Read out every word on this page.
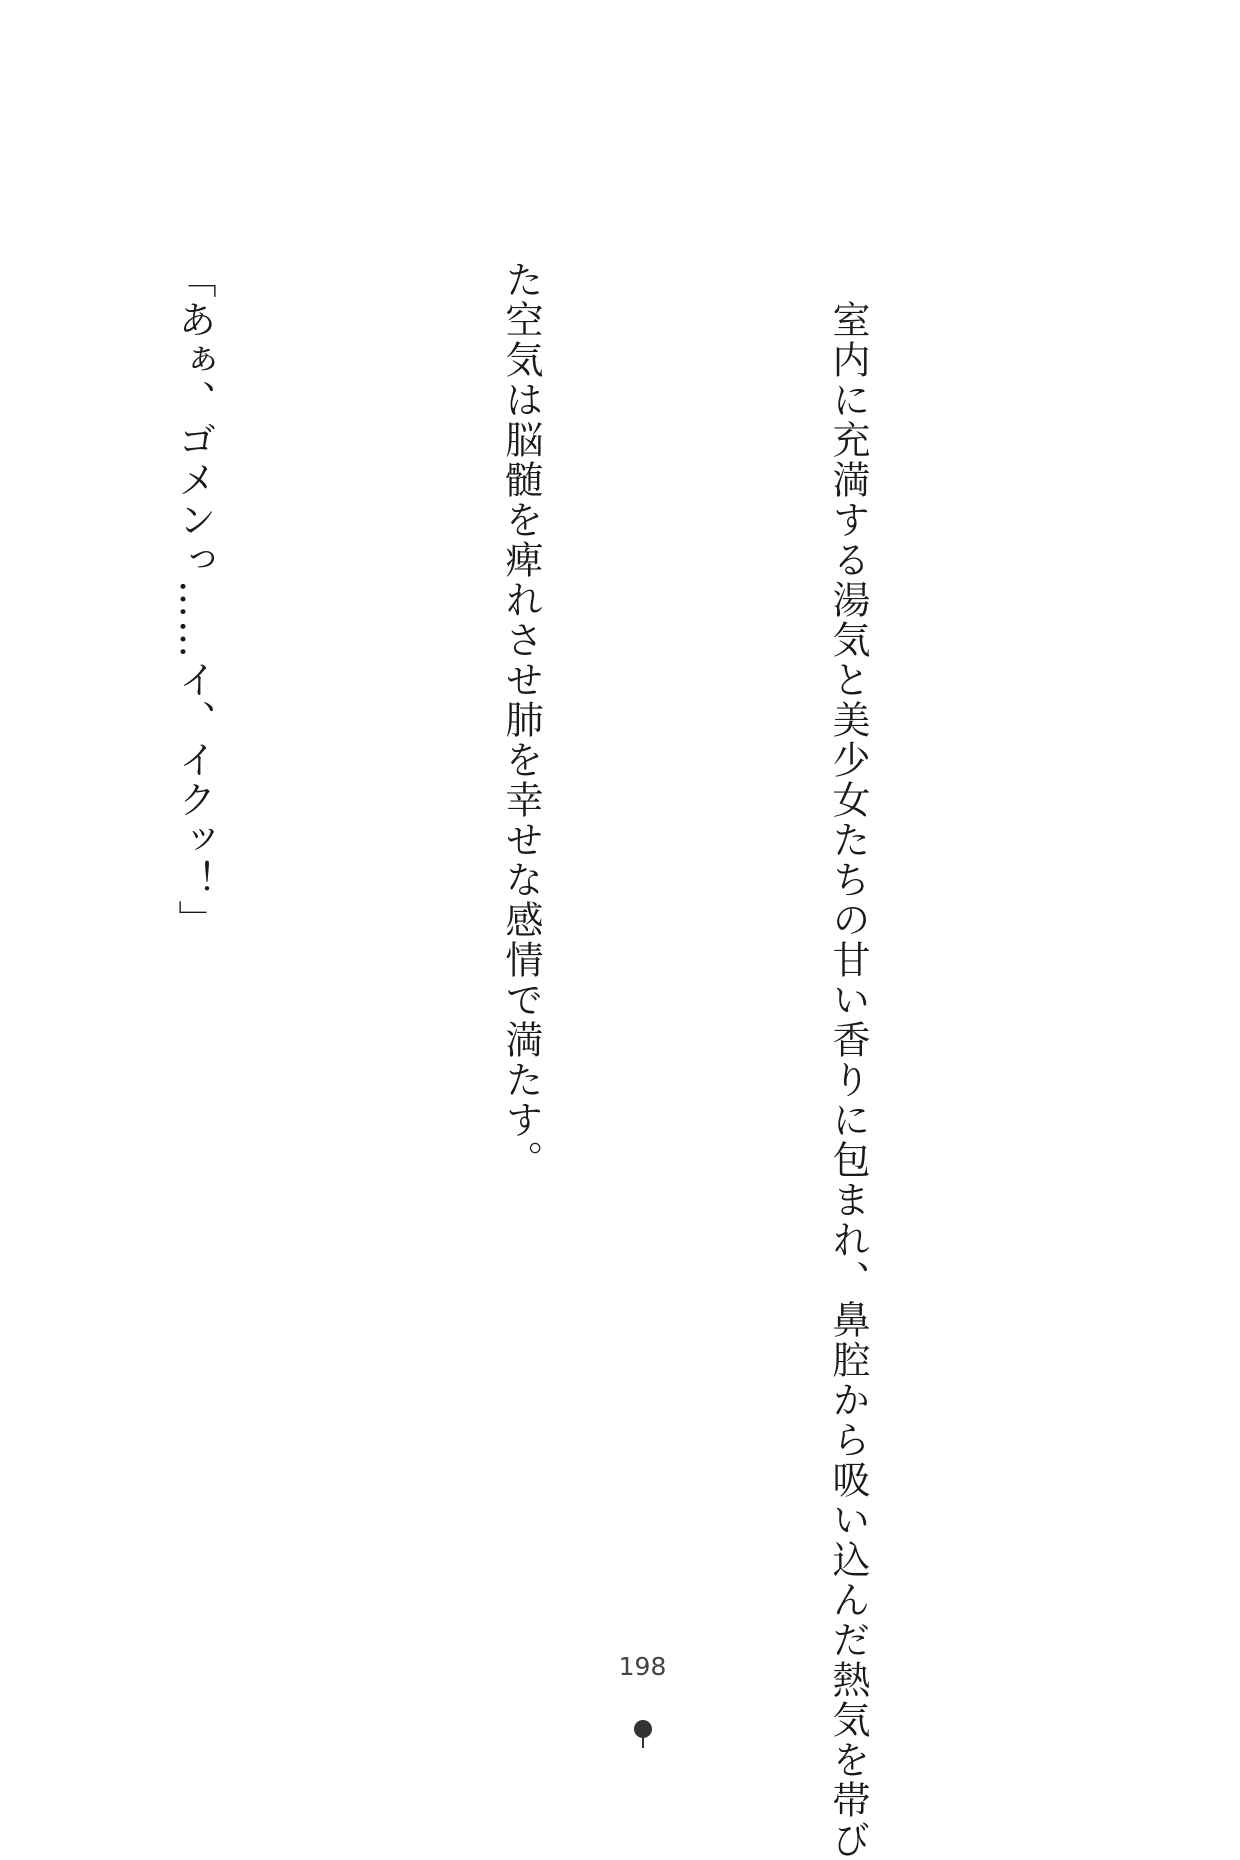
　室内に充満する湯気と美少女たちの甘い香りに包まれ、鼻腔から吸い込んだ熱気を帯び

た空気は脳髄を痺れさせ肺を幸せな感情で満たす。

「あぁ、ゴメンっ……イ、イクッ！」

198
